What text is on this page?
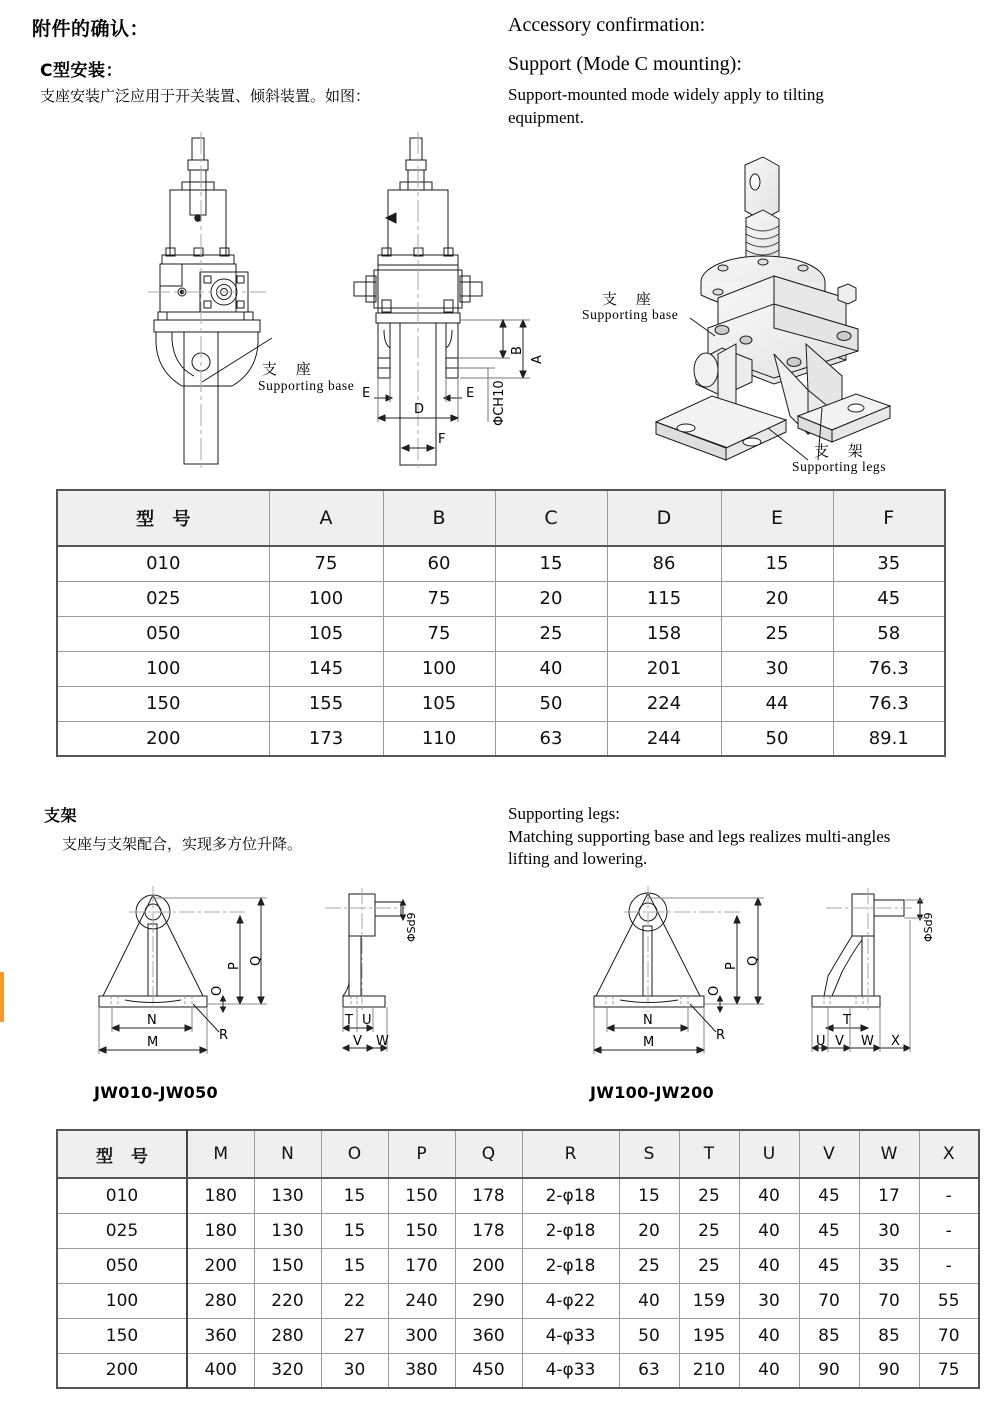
附件的确认：	Accessory confirmation:
C型安装：
支座安装广泛应用于开关装置、倾斜装置。如图：
Support (Mode C mounting):
Support-mounted mode widely apply to tilting
equipment.
支 座
Supporting base
A
B
E	E
D
F
ΦCH10
支 座
Supporting base
支 架
Supporting legs
型 号	A	B	C	D	E	F
010	75	60	15	86	15	35
025	100	75	20	115	20	45
050	105	75	25	158	25	58
100	145	100	40	201	30	76.3
150	155	105	50	224	44	76.3
200	173	110	63	244	50	89.1
支架
支座与支架配合，实现多方位升降。
Supporting legs:
Matching supporting base and legs realizes multi-angles
lifting and lowering.
P
Q
O
N
M	R
T U
V W
ΦSd9
P
Q
O
N
M	R
T
U V W X
ΦSd9
JW010-JW050	JW100-JW200
型 号	M	N	O	P	Q	R	S	T	U	V	W	X
010	180	130	15	150	178	2-φ18	15	25	40	45	17	-
025	180	130	15	150	178	2-φ18	20	25	40	45	30	-
050	200	150	15	170	200	2-φ18	25	25	40	45	35	-
100	280	220	22	240	290	4-φ22	40	159	30	70	70	55
150	360	280	27	300	360	4-φ33	50	195	40	85	85	70
200	400	320	30	380	450	4-φ33	63	210	40	90	90	75
